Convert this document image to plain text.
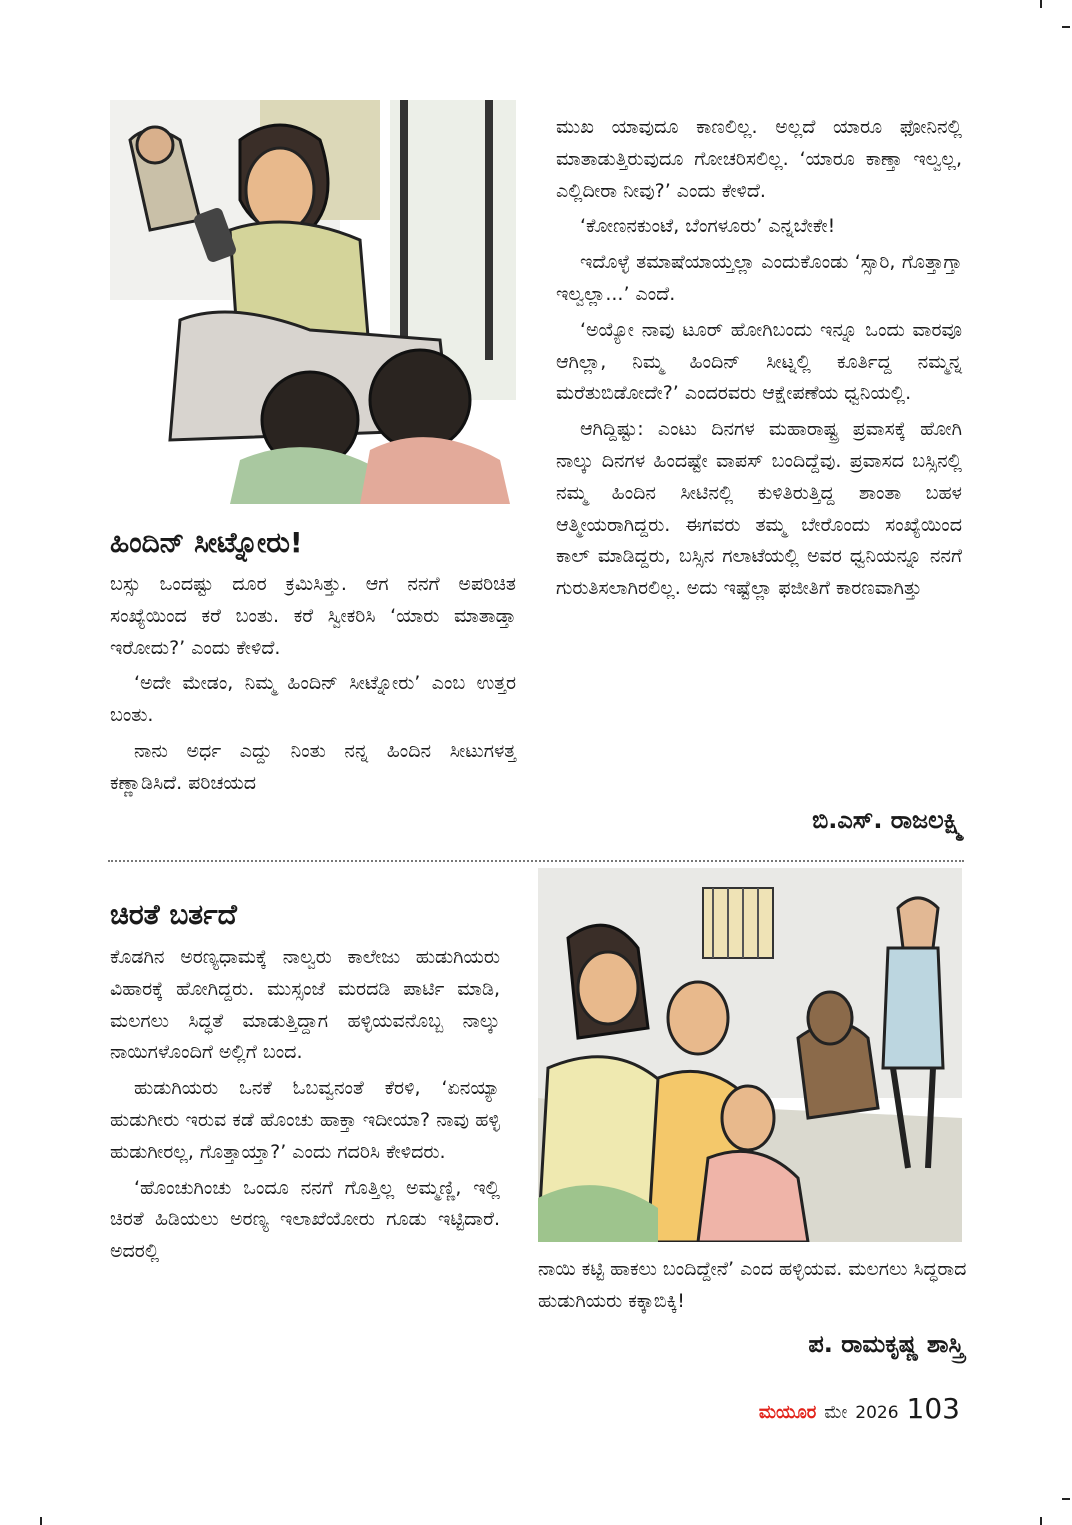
ಹಿಂದಿನ್ ಸೀಟ್ನೋರು!

ಬಸ್ಸು ಒಂದಷ್ಟು ದೂರ ಕ್ರಮಿಸಿತ್ತು. ಆಗ ನನಗೆ ಅಪರಿಚಿತ ಸಂಖ್ಯೆಯಿಂದ ಕರೆ ಬಂತು. ಕರೆ ಸ್ವೀಕರಿಸಿ ‘ಯಾರು ಮಾತಾಡ್ತಾ ಇರೋದು?’ ಎಂದು ಕೇಳಿದೆ.

‘ಅದೇ ಮೇಡಂ, ನಿಮ್ಮ ಹಿಂದಿನ್ ಸೀಟ್ನೋರು’ ಎಂಬ ಉತ್ತರ ಬಂತು.

ನಾನು ಅರ್ಧ ಎದ್ದು ನಿಂತು ನನ್ನ ಹಿಂದಿನ ಸೀಟುಗಳತ್ತ ಕಣ್ಣಾಡಿಸಿದೆ. ಪರಿಚಯದ

ಮುಖ ಯಾವುದೂ ಕಾಣಲಿಲ್ಲ. ಅಲ್ಲದೆ ಯಾರೂ ಫೋನಿನಲ್ಲಿ ಮಾತಾಡುತ್ತಿರುವುದೂ ಗೋಚರಿಸಲಿಲ್ಲ. ‘ಯಾರೂ ಕಾಣ್ತಾ ಇಲ್ವಲ್ಲ, ಎಲ್ಲಿದೀರಾ ನೀವು?’ ಎಂದು ಕೇಳಿದೆ.

‘ಕೋಣನಕುಂಟೆ, ಬೆಂಗಳೂರು’ ಎನ್ನಬೇಕೇ!

ಇದೊಳ್ಳೆ ತಮಾಷೆಯಾಯ್ತಲ್ಲಾ ಎಂದುಕೊಂಡು ‘ಸ್ಸಾರಿ, ಗೊತ್ತಾಗ್ತಾ ಇಲ್ವಲ್ಲಾ...’ ಎಂದೆ.

‘ಅಯ್ಯೋ ನಾವು ಟೂರ್ ಹೋಗಿಬಂದು ಇನ್ನೂ ಒಂದು ವಾರವೂ ಆಗಿಲ್ಲಾ, ನಿಮ್ಮ ಹಿಂದಿನ್ ಸೀಟ್ನಲ್ಲಿ ಕೂರ್ತಿದ್ದ ನಮ್ಮನ್ನ ಮರೆತುಬಿಡೋದೇ?’ ಎಂದರವರು ಆಕ್ಷೇಪಣೆಯ ಧ್ವನಿಯಲ್ಲಿ.

ಆಗಿದ್ದಿಷ್ಟು: ಎಂಟು ದಿನಗಳ ಮಹಾರಾಷ್ಟ್ರ ಪ್ರವಾಸಕ್ಕೆ ಹೋಗಿ ನಾಲ್ಕು ದಿನಗಳ ಹಿಂದಷ್ಟೇ ವಾಪಸ್ ಬಂದಿದ್ದೆವು. ಪ್ರವಾಸದ ಬಸ್ಸಿನಲ್ಲಿ ನಮ್ಮ ಹಿಂದಿನ ಸೀಟಿನಲ್ಲಿ ಕುಳಿತಿರುತ್ತಿದ್ದ ಶಾಂತಾ ಬಹಳ ಆತ್ಮೀಯರಾಗಿದ್ದರು. ಈಗವರು ತಮ್ಮ ಬೇರೊಂದು ಸಂಖ್ಯೆಯಿಂದ ಕಾಲ್ ಮಾಡಿದ್ದರು, ಬಸ್ಸಿನ ಗಲಾಟೆಯಲ್ಲಿ ಅವರ ಧ್ವನಿಯನ್ನೂ ನನಗೆ ಗುರುತಿಸಲಾಗಿರಲಿಲ್ಲ. ಅದು ಇಷ್ಟೆಲ್ಲಾ ಫಜೀತಿಗೆ ಕಾರಣವಾಗಿತ್ತು

ಬಿ.ಎಸ್. ರಾಜಲಕ್ಷ್ಮಿ
ಚಿರತೆ ಬರ್ತದೆ

ಕೊಡಗಿನ ಅರಣ್ಯಧಾಮಕ್ಕೆ ನಾಲ್ವರು ಕಾಲೇಜು ಹುಡುಗಿಯರು ವಿಹಾರಕ್ಕೆ ಹೋಗಿದ್ದರು. ಮುಸ್ಸಂಜೆ ಮರದಡಿ ಪಾರ್ಟಿ ಮಾಡಿ, ಮಲಗಲು ಸಿದ್ಧತೆ ಮಾಡುತ್ತಿದ್ದಾಗ ಹಳ್ಳಿಯವನೊಬ್ಬ ನಾಲ್ಕು ನಾಯಿಗಳೊಂದಿಗೆ ಅಲ್ಲಿಗೆ ಬಂದ.

ಹುಡುಗಿಯರು ಒನಕೆ ಓಬವ್ವನಂತೆ ಕೆರಳಿ, ‘ಏನಯ್ಯಾ ಹುಡುಗೀರು ಇರುವ ಕಡೆ ಹೊಂಚು ಹಾಕ್ತಾ ಇದೀಯಾ? ನಾವು ಹಳ್ಳಿ ಹುಡುಗೀರಲ್ಲ, ಗೊತ್ತಾಯ್ತಾ?’ ಎಂದು ಗದರಿಸಿ ಕೇಳಿದರು.

‘ಹೊಂಚುಗಿಂಚು ಒಂದೂ ನನಗೆ ಗೊತ್ತಿಲ್ಲ ಅಮ್ಮಣ್ಣಿ, ಇಲ್ಲಿ ಚಿರತೆ ಹಿಡಿಯಲು ಅರಣ್ಯ ಇಲಾಖೆಯೋರು ಗೂಡು ಇಟ್ಟಿದಾರೆ. ಅದರಲ್ಲಿ

ನಾಯಿ ಕಟ್ಟಿ ಹಾಕಲು ಬಂದಿದ್ದೇನೆ’ ಎಂದ ಹಳ್ಳಿಯವ. ಮಲಗಲು ಸಿದ್ಧರಾದ ಹುಡುಗಿಯರು ಕಕ್ಕಾಬಿಕ್ಕಿ!
ಪ. ರಾಮಕೃಷ್ಣ ಶಾಸ್ತ್ರಿ
ಮಯೂರ ಮೇ 2026 103
